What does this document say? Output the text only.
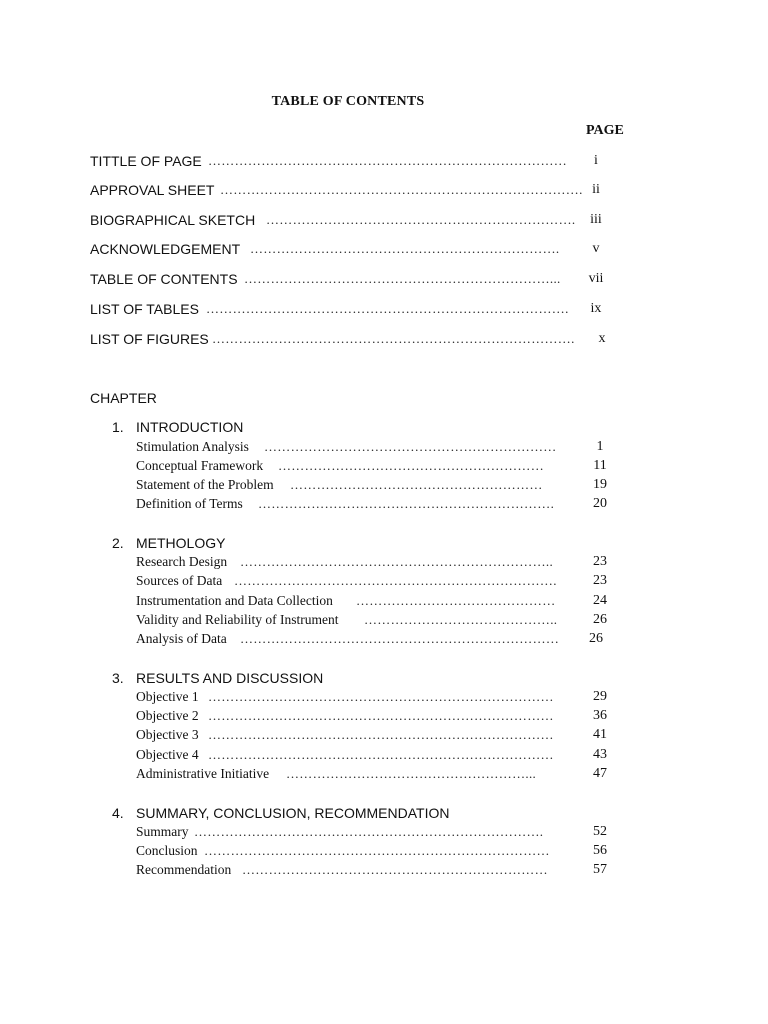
TABLE OF CONTENTS
PAGE
TITTLE OF PAGE ………………………………………………………………………	i
APPROVAL SHEET ………………………………………………………………………. ii
BIOGRAPHICAL SKETCH …………………………………………………………….	iii
ACKNOWLEDGEMENT …………………………………………………………….	v
TABLE OF CONTENTS ……………………………………………………………...	vii
LIST OF TABLES ……………………………………………………………………….	ix
LIST OF FIGURES ……………………………………………………………………….	x
CHAPTER
1. INTRODUCTION
Stimulation Analysis …………………………………………………………	1
Conceptual Framework ……………………………………………………	11
Statement of the Problem …………………………………………………	19
Definition of Terms ………………………………………………………….	20
2. METHOLOGY
Research Design ……………………………………………………………..	23
Sources of Data ……………………………………………………………….	23
Instrumentation and Data Collection ………………………………………	24
Validity and Reliability of Instrument ……………………………………..	26
Analysis of Data ………………………………………………………………	26
3. RESULTS AND DISCUSSION
Objective 1 ……………………………………………………………………	29
Objective 2 ……………………………………………………………………	36
Objective 3 ……………………………………………………………………	41
Objective 4 ……………………………………………………………………	43
Administrative Initiative ………………………………………………...	47
4. SUMMARY, CONCLUSION, RECOMMENDATION
Summary …………………………………………………………………….	52
Conclusion ……………………………………………………………………	56
Recommendation ……………………………………………………………	57
